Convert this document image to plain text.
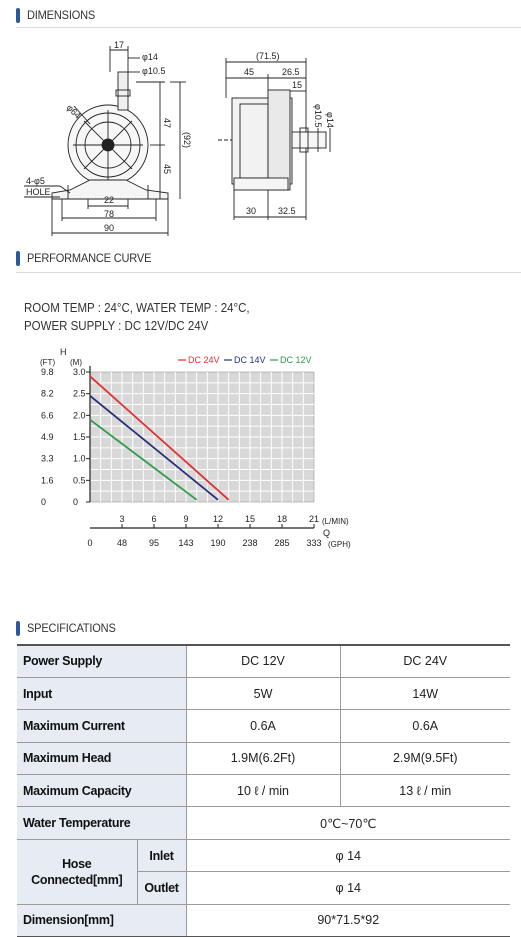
DIMENSIONS
17
φ14
φ10.5
φ64
47
(92)
45
22
78
90
4-φ5
HOLE
(71.5)
45	26.5
15
φ10.5 φ14
30 32.5
PERFORMANCE CURVE
ROOM TEMP : 24°C, WATER TEMP : 24°C,
POWER SUPPLY : DC 12V/DC 24V
3.0
9.8
2.5
8.2
2.0
6.6
1.5
4.9
1.0
3.3
0.5
1.6
0
0
3	6	9	12 15 18 21
0	48 95 143 190 238 285 333
DC 24V DC 14V DC 12V
H
(FT) (M)
(L/MIN)
Q
(GPH)
SPECIFICATIONS
Power Supply		DC 12V	DC 24V
Input		5W	14W
Maximum Current		0.6A	0.6A
Maximum Head		1.9M(6.2Ft)	2.9M(9.5Ft)
Maximum Capacity		10 ℓ / min	13 ℓ / min
Water Temperature		0℃~70℃	

Hose
Connected[mm]	Inlet	φ 14	
	Outlet	φ 14	
Dimension[mm]		90*71.5*92	
